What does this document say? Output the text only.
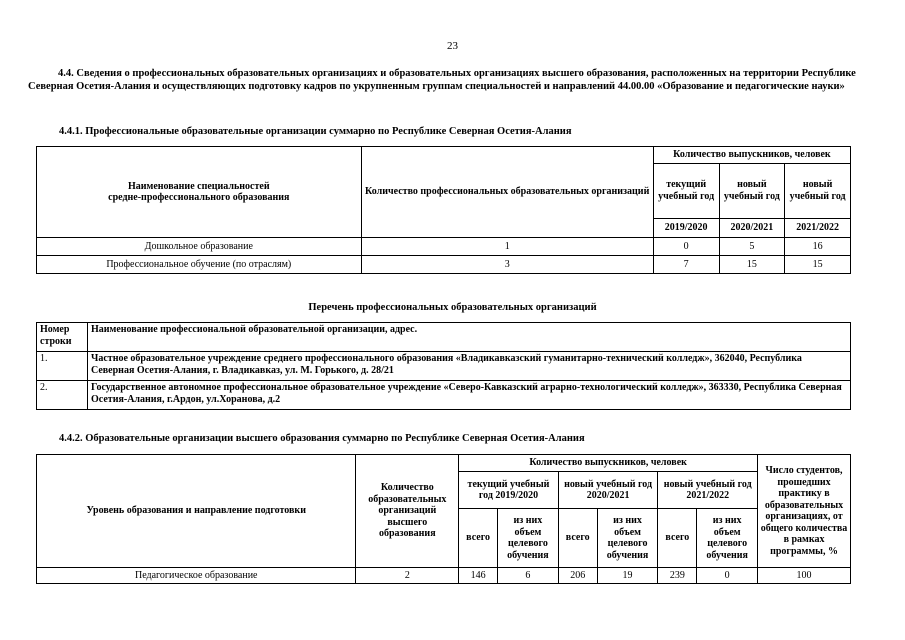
23
4.4. Сведения о профессиональных образовательных организациях и образовательных организациях высшего образования, расположенных на территории Республике Северная Осетия-Алания и осуществляющих подготовку кадров по укрупненным группам специальностей и направлений 44.00.00 «Образование и педагогические науки»
4.4.1. Профессиональные образовательные организации суммарно по Республике Северная Осетия-Алания
Наименование специальностей
средне-профессионального образования	Количество профессиональных образовательных организаций	Количество выпускников, человек		
		текущий учебный год	новый учебный год	новый учебный год
		2019/2020	2020/2021	2021/2022
Дошкольное образование	1	0	5	16
Профессиональное обучение (по отраслям)	3	7	15	15
Перечень профессиональных образовательных организаций
Номер строки	Наименование профессиональной образовательной организации, адрес.
1.	Частное образовательное учреждение среднего профессионального образования «Владикавказский гуманитарно-технический колледж», 362040, Республика Северная Осетия-Алания, г. Владикавказ, ул. М. Горького, д. 28/21
2.	Государственное автономное профессиональное образовательное учреждение «Северо-Кавказский аграрно-технологический колледж», 363330, Республика Северная Осетия-Алания, г.Ардон, ул.Хоранова, д.2
4.4.2. Образовательные организации высшего образования суммарно по Республике Северная Осетия-Алания
Уровень образования и направление подготовки	Количество образовательных организаций высшего образования	Количество выпускников, человек						Число студентов, прошедших практику в образовательных организациях, от общего количества в рамках программы, %
		текущий учебный год 2019/2020		новый учебный год 2020/2021		новый учебный год 2021/2022		
		всего	из них объем целевого обучения	всего	из них объем целевого обучения	всего	из них объем целевого обучения	
Педагогическое образование	2	146	6	206	19	239	0	100
